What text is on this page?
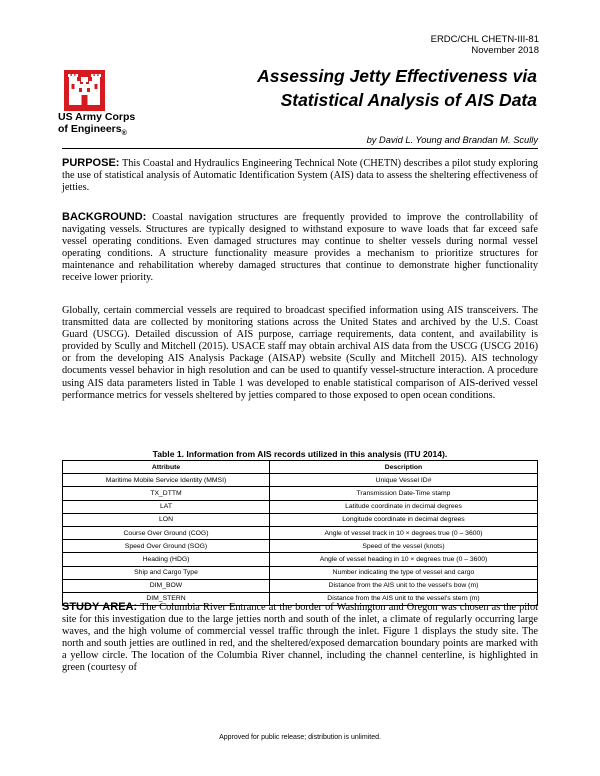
ERDC/CHL CHETN-III-81
November 2018
US Army Corps
of Engineers$_®$
Assessing Jetty Effectiveness via
Statistical Analysis of AIS Data
by David L. Young and Brandan M. Scully

PURPOSE: This Coastal and Hydraulics Engineering Technical Note (CHETN) describes a pilot study exploring the use of statistical analysis of Automatic Identification System (AIS) data to assess the sheltering effectiveness of jetties.

BACKGROUND: Coastal navigation structures are frequently provided to improve the controllability of navigating vessels. Structures are typically designed to withstand exposure to wave loads that far exceed safe vessel operating conditions. Even damaged structures may continue to shelter vessels during normal vessel operating conditions. A structure functionality measure provides a mechanism to prioritize structures for maintenance and rehabilitation whereby damaged structures that continue to demonstrate higher functionality receive lower priority.

Globally, certain commercial vessels are required to broadcast specified information using AIS transceivers. The transmitted data are collected by monitoring stations across the United States and archived by the U.S. Coast Guard (USCG). Detailed discussion of AIS purpose, carriage requirements, data content, and availability is provided by Scully and Mitchell (2015). USACE staff may obtain archival AIS data from the USCG (USCG 2016) or from the developing AIS Analysis Package (AISAP) website (Scully and Mitchell 2015). AIS technology documents vessel behavior in high resolution and can be used to quantify vessel-structure interaction. A procedure using AIS data parameters listed in Table 1 was developed to enable statistical comparison of AIS-derived vessel performance metrics for vessels sheltered by jetties compared to those exposed to open ocean conditions.

Table 1. Information from AIS records utilized in this analysis (ITU 2014).
Attribute	Description
Maritime Mobile Service Identity (MMSI)	Unique Vessel ID#
TX_DTTM	Transmission Date-Time stamp
LAT	Latitude coordinate in decimal degrees
LON	Longitude coordinate in decimal degrees
Course Over Ground (COG)	Angle of vessel track in 10 × degrees true (0 – 3600)
Speed Over Ground (SOG)	Speed of the vessel (knots)
Heading (HDG)	Angle of vessel heading in 10 × degrees true (0 – 3600)
Ship and Cargo Type	Number indicating the type of vessel and cargo
DIM_BOW	Distance from the AIS unit to the vessel's bow (m)
DIM_STERN	Distance from the AIS unit to the vessel's stern (m)

STUDY AREA: The Columbia River Entrance at the border of Washington and Oregon was chosen as the pilot site for this investigation due to the large jetties north and south of the inlet, a climate of regularly occurring large waves, and the high volume of commercial vessel traffic through the inlet. Figure 1 displays the study site. The north and south jetties are outlined in red, and the sheltered/exposed demarcation boundary points are marked with a yellow circle. The location of the Columbia River channel, including the channel centerline, is highlighted in green (courtesy of

Approved for public release; distribution is unlimited.
